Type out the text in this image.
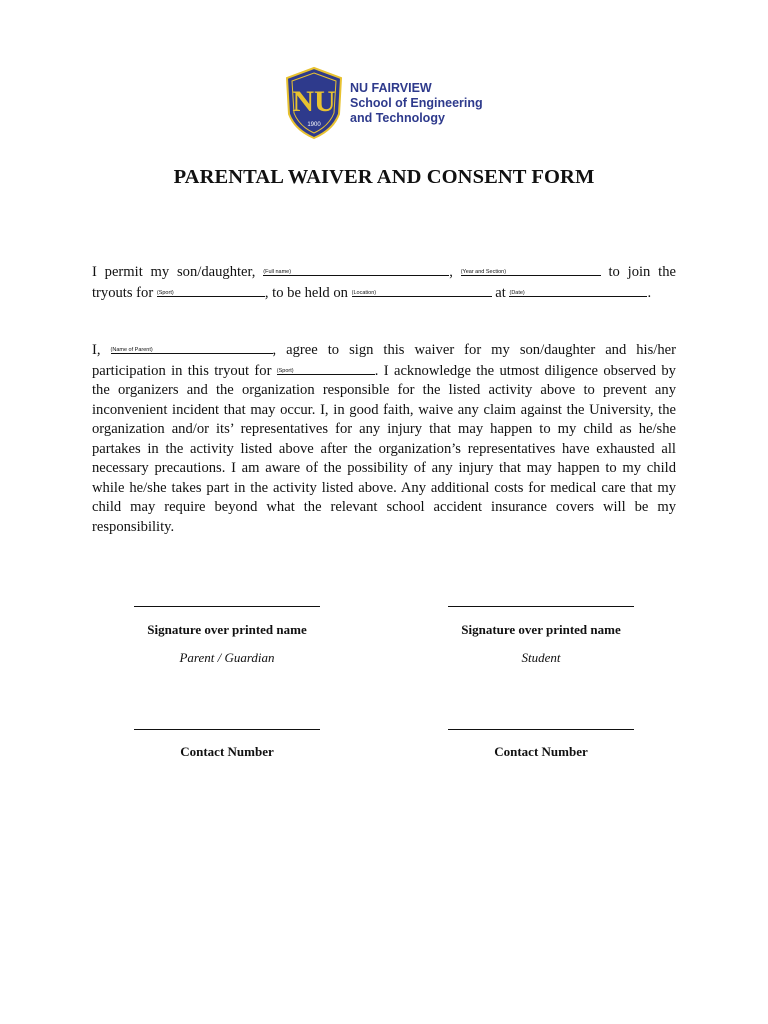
NU
1900
NU FAIRVIEW
School of Engineering
and Technology
PARENTAL WAIVER AND CONSENT FORM
I permit my son/daughter, (Full name)	, (Year and Section)	to join the tryouts for (Sport)	, to be held on (Location)	at (Date)	.
I, (Name of Parent)	, agree to sign this waiver for my son/daughter and his/her participation in this tryout for (Sport)	. I acknowledge the utmost diligence observed by the organizers and the organization responsible for the listed activity above to prevent any inconvenient incident that may occur. I, in good faith, waive any claim against the University, the organization and/or its’ representatives for any injury that may happen to my child as he/she partakes in the activity listed above after the organization’s representatives have exhausted all necessary precautions. I am aware of the possibility of any injury that may happen to my child while he/she takes part in the activity listed above. Any additional costs for medical care that my child may require beyond what the relevant school accident insurance covers will be my responsibility.
Signature over printed name	Signature over printed name
Parent / Guardian	Student
Contact Number	Contact Number
